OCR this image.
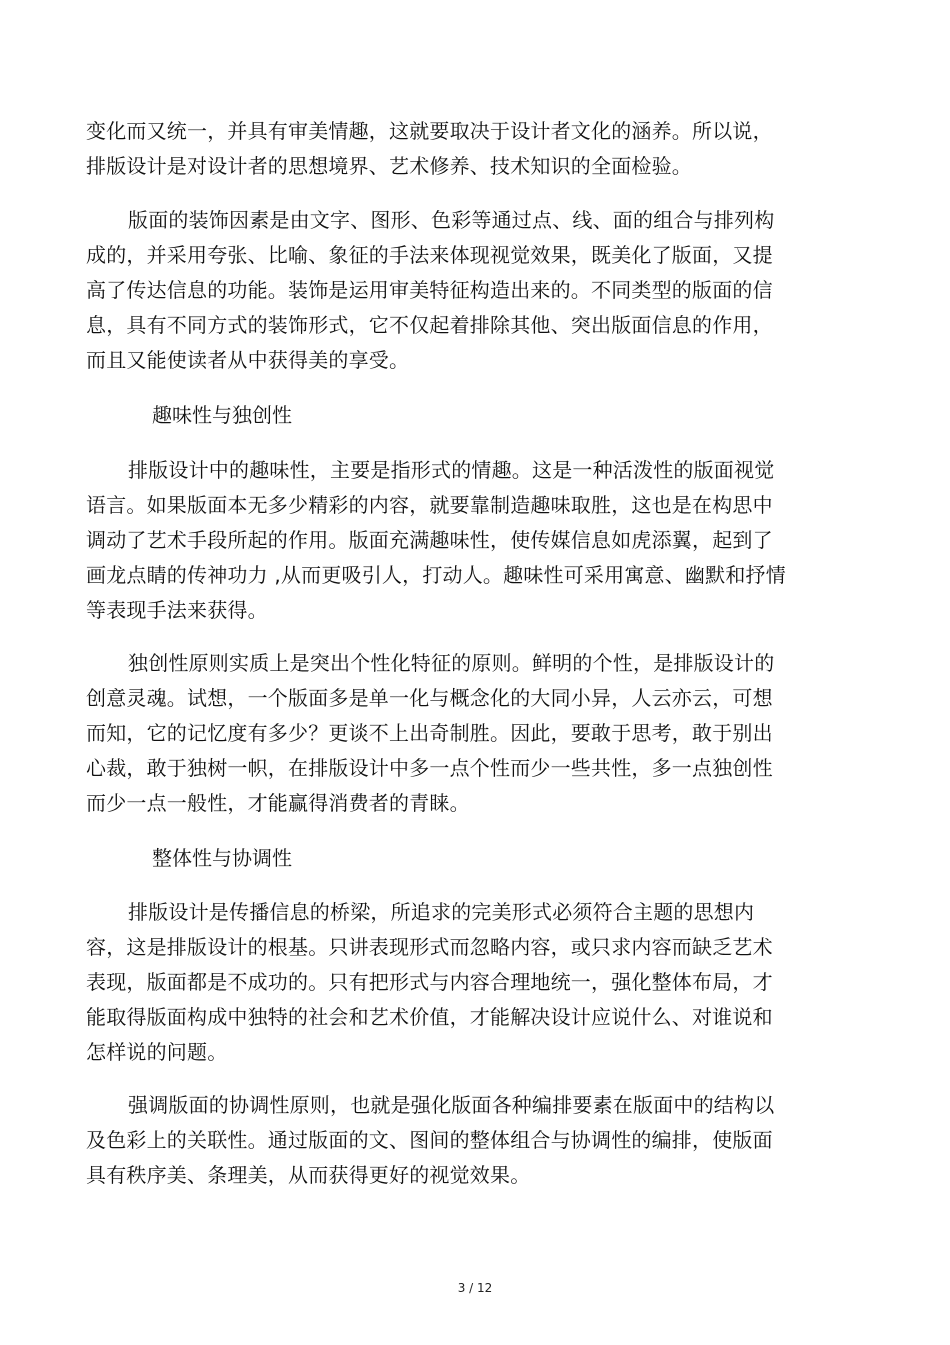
变化而又统一，并具有审美情趣，这就要取决于设计者文化的涵养。所以说，
排版设计是对设计者的思想境界、艺术修养、技术知识的全面检验。
版面的装饰因素是由文字、图形、色彩等通过点、线、面的组合与排列构
成的，并采用夸张、比喻、象征的手法来体现视觉效果，既美化了版面，又提
高了传达信息的功能。装饰是运用审美特征构造出来的。不同类型的版面的信
息，具有不同方式的装饰形式，它不仅起着排除其他、突出版面信息的作用，
而且又能使读者从中获得美的享受。
趣味性与独创性
排版设计中的趣味性，主要是指形式的情趣。这是一种活泼性的版面视觉
语言。如果版面本无多少精彩的内容，就要靠制造趣味取胜，这也是在构思中
调动了艺术手段所起的作用。版面充满趣味性，使传媒信息如虎添翼，起到了
画龙点睛的传神功力 ,从而更吸引人，打动人。趣味性可采用寓意、幽默和抒情
等表现手法来获得。
独创性原则实质上是突出个性化特征的原则。鲜明的个性，是排版设计的
创意灵魂。试想，一个版面多是单一化与概念化的大同小异，人云亦云，可想
而知，它的记忆度有多少？更谈不上出奇制胜。因此，要敢于思考，敢于别出
心裁，敢于独树一帜，在排版设计中多一点个性而少一些共性，多一点独创性
而少一点一般性，才能赢得消费者的青睐。
整体性与协调性
排版设计是传播信息的桥梁，所追求的完美形式必须符合主题的思想内
容，这是排版设计的根基。只讲表现形式而忽略内容，或只求内容而缺乏艺术
表现，版面都是不成功的。只有把形式与内容合理地统一，强化整体布局，才
能取得版面构成中独特的社会和艺术价值，才能解决设计应说什么、对谁说和
怎样说的问题。
强调版面的协调性原则，也就是强化版面各种编排要素在版面中的结构以
及色彩上的关联性。通过版面的文、图间的整体组合与协调性的编排，使版面
具有秩序美、条理美，从而获得更好的视觉效果。
3 / 12
